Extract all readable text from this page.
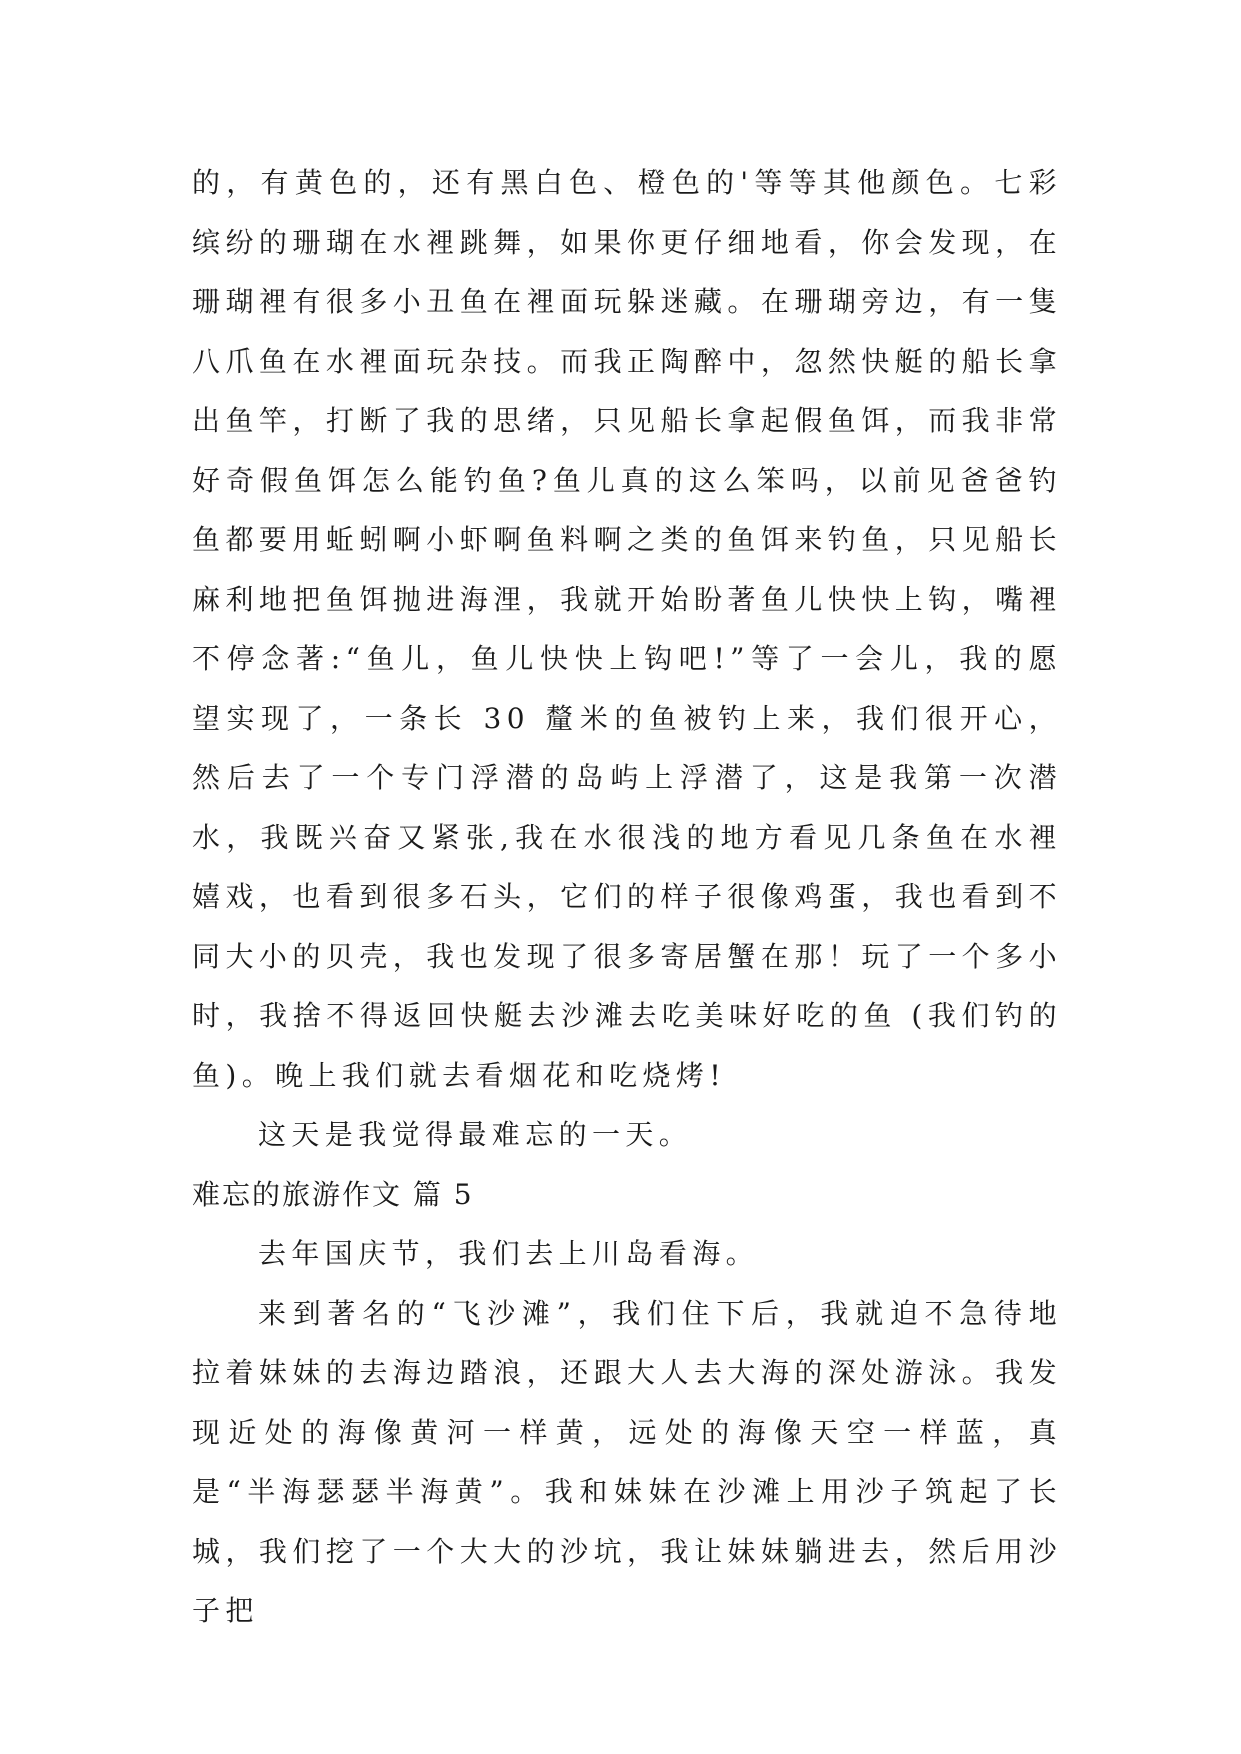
的，有黄色的，还有黑白色、橙色的'等等其他颜色。七彩缤纷的珊瑚在水裡跳舞，如果你更仔细地看，你会发现，在珊瑚裡有很多小丑鱼在裡面玩躲迷藏。在珊瑚旁边，有一隻八爪鱼在水裡面玩杂技。而我正陶醉中，忽然快艇的船长拿出鱼竿，打断了我的思绪，只见船长拿起假鱼饵，而我非常好奇假鱼饵怎么能钓鱼?鱼儿真的这么笨吗，以前见爸爸钓鱼都要用蚯蚓啊小虾啊鱼料啊之类的鱼饵来钓鱼，只见船长麻利地把鱼饵抛进海浬，我就开始盼著鱼儿快快上钩，嘴裡不停念著:“鱼儿，鱼儿快快上钩吧!”等了一会儿，我的愿望实现了，一条长 30 釐米的鱼被钓上来，我们很开心，然后去了一个专门浮潜的岛屿上浮潜了，这是我第一次潜水，我既兴奋又紧张,我在水很浅的地方看见几条鱼在水裡嬉戏，也看到很多石头，它们的样子很像鸡蛋，我也看到不同大小的贝壳，我也发现了很多寄居蟹在那！玩了一个多小时，我捨不得返回快艇去沙滩去吃美味好吃的鱼 (我们钓的鱼)。晚上我们就去看烟花和吃烧烤!

这天是我觉得最难忘的一天。

难忘的旅游作文 篇 5

去年国庆节，我们去上川岛看海。

来到著名的“飞沙滩”，我们住下后，我就迫不急待地拉着妹妹的去海边踏浪，还跟大人去大海的深处游泳。我发现近处的海像黄河一样黄，远处的海像天空一样蓝，真是“半海瑟瑟半海黄”。我和妹妹在沙滩上用沙子筑起了长城，我们挖了一个大大的沙坑，我让妹妹躺进去，然后用沙子把
